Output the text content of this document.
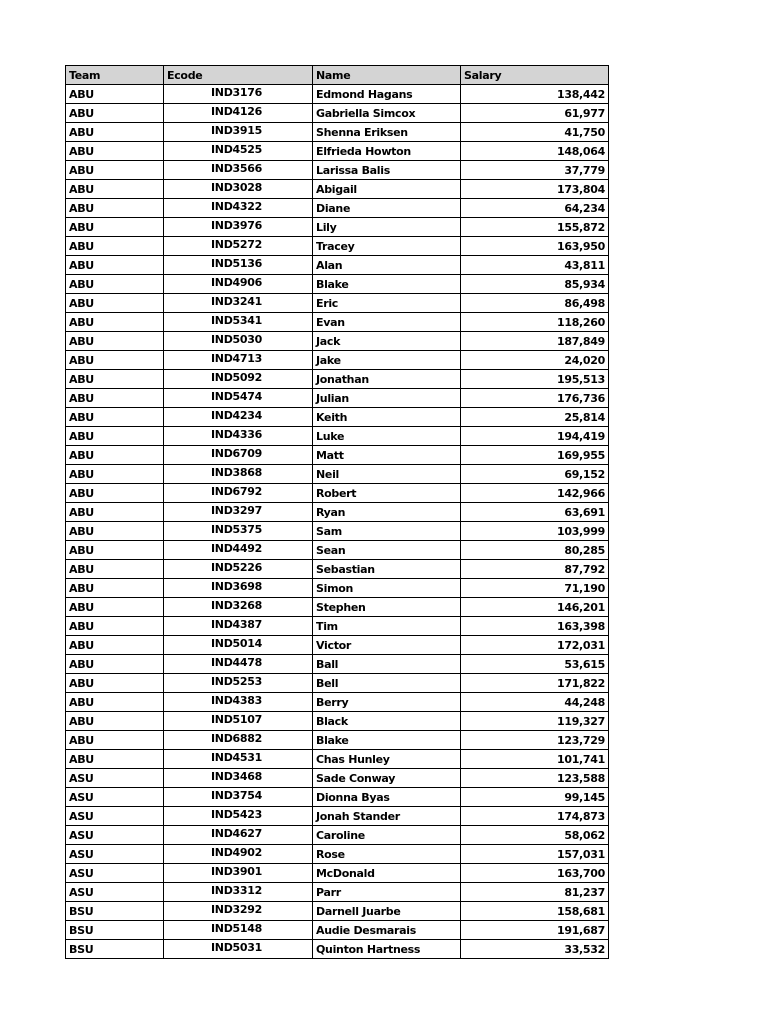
Team	Ecode	Name	Salary
ABU	IND3176	Edmond Hagans	138,442
ABU	IND4126	Gabriella Simcox	61,977
ABU	IND3915	Shenna Eriksen	41,750
ABU	IND4525	Elfrieda Howton	148,064
ABU	IND3566	Larissa Balis	37,779
ABU	IND3028	Abigail	173,804
ABU	IND4322	Diane	64,234
ABU	IND3976	Lily	155,872
ABU	IND5272	Tracey	163,950
ABU	IND5136	Alan	43,811
ABU	IND4906	Blake	85,934
ABU	IND3241	Eric	86,498
ABU	IND5341	Evan	118,260
ABU	IND5030	Jack	187,849
ABU	IND4713	Jake	24,020
ABU	IND5092	Jonathan	195,513
ABU	IND5474	Julian	176,736
ABU	IND4234	Keith	25,814
ABU	IND4336	Luke	194,419
ABU	IND6709	Matt	169,955
ABU	IND3868	Neil	69,152
ABU	IND6792	Robert	142,966
ABU	IND3297	Ryan	63,691
ABU	IND5375	Sam	103,999
ABU	IND4492	Sean	80,285
ABU	IND5226	Sebastian	87,792
ABU	IND3698	Simon	71,190
ABU	IND3268	Stephen	146,201
ABU	IND4387	Tim	163,398
ABU	IND5014	Victor	172,031
ABU	IND4478	Ball	53,615
ABU	IND5253	Bell	171,822
ABU	IND4383	Berry	44,248
ABU	IND5107	Black	119,327
ABU	IND6882	Blake	123,729
ABU	IND4531	Chas Hunley	101,741
ASU	IND3468	Sade Conway	123,588
ASU	IND3754	Dionna Byas	99,145
ASU	IND5423	Jonah Stander	174,873
ASU	IND4627	Caroline	58,062
ASU	IND4902	Rose	157,031
ASU	IND3901	McDonald	163,700
ASU	IND3312	Parr	81,237
BSU	IND3292	Darnell Juarbe	158,681
BSU	IND5148	Audie Desmarais	191,687
BSU	IND5031	Quinton Hartness	33,532
